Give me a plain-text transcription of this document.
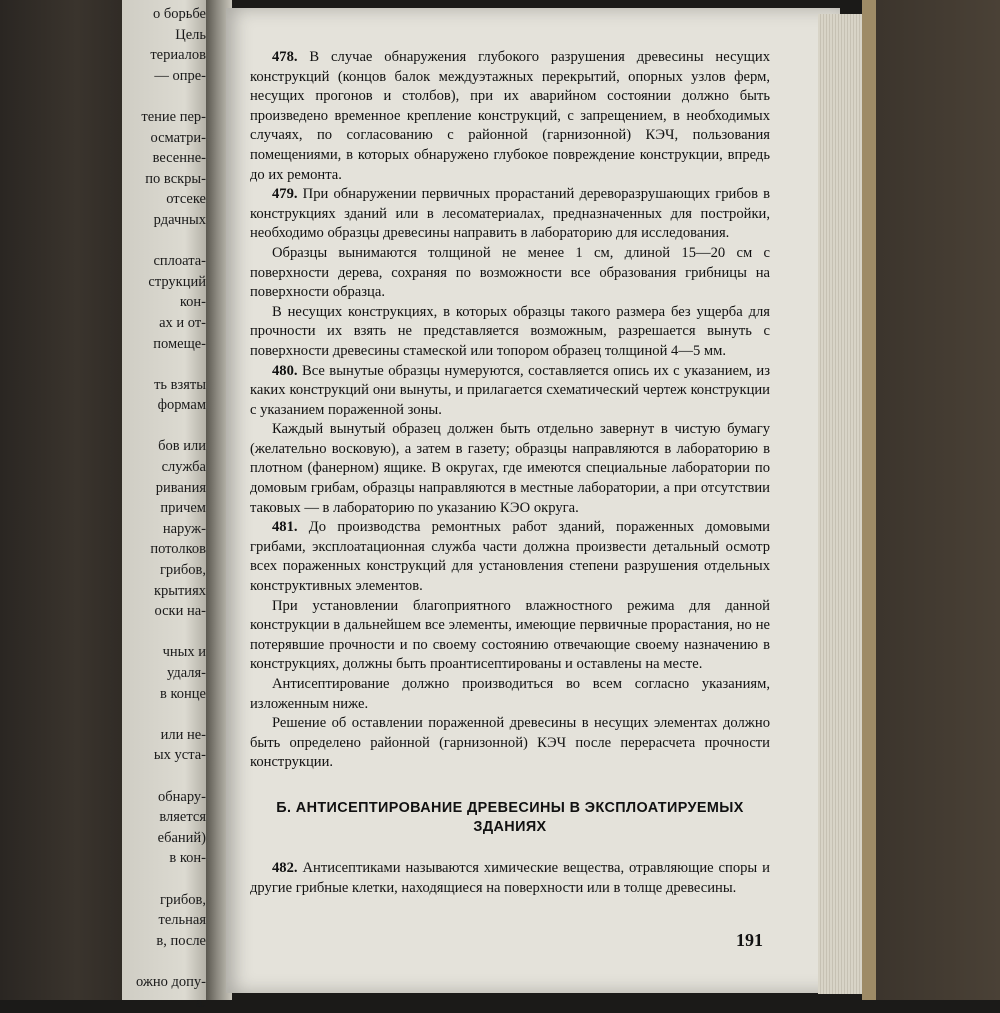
о борьбе
Цель
териалов
— опре-

тение пер-
осматри-
весенне-
по вскры-
отсеке
рдачных

сплоата-
струкций
кон-
ах и от-
помеще-

ть взяты
формам

бов или
служба
ривания
причем
наруж-
потолков
грибов,
крытиях
оски на-

чных и
удаля-
в конце

или не-
ых уста-

обнару-
вляется
ебаний)
в кон-

грибов,
тельная
в, после

ожно допу-
а.

478. В случае обнаружения глубокого разрушения древесины несущих конструкций (концов балок междуэтажных перекрытий, опорных узлов ферм, несущих прогонов и столбов), при их аварийном состоянии должно быть произведено временное крепление конструкций, с запрещением, в необходимых случаях, по согласованию с районной (гарнизонной) КЭЧ, пользования помещениями, в которых обнаружено глубокое повреждение конструкции, впредь до их ремонта.

479. При обнаружении первичных прорастаний дереворазрушающих грибов в конструкциях зданий или в лесоматериалах, предназначенных для постройки, необходимо образцы древесины направить в лабораторию для исследования.

Образцы вынимаются толщиной не менее 1 см, длиной 15—20 см с поверхности дерева, сохраняя по возможности все образования грибницы на поверхности образца.

В несущих конструкциях, в которых образцы такого размера без ущерба для прочности их взять не представляется возможным, разрешается вынуть с поверхности древесины стамеской или топором образец толщиной 4—5 мм.

480. Все вынутые образцы нумеруются, составляется опись их с указанием, из каких конструкций они вынуты, и прилагается схематический чертеж конструкции с указанием пораженной зоны.

Каждый вынутый образец должен быть отдельно завернут в чистую бумагу (желательно восковую), а затем в газету; образцы направляются в лабораторию в плотном (фанерном) ящике. В округах, где имеются специальные лаборатории по домовым грибам, образцы направляются в местные лаборатории, а при отсутствии таковых — в лабораторию по указанию КЭО округа.

481. До производства ремонтных работ зданий, пораженных домовыми грибами, эксплоатационная служба части должна произвести детальный осмотр всех пораженных конструкций для установления степени разрушения отдельных конструктивных элементов.

При установлении благоприятного влажностного режима для данной конструкции в дальнейшем все элементы, имеющие первичные прорастания, но не потерявшие прочности и по своему состоянию отвечающие своему назначению в конструкциях, должны быть проантисептированы и оставлены на месте.

Антисептирование должно производиться во всем согласно указаниям, изложенным ниже.

Решение об оставлении пораженной древесины в несущих элементах должно быть определено районной (гарнизонной) КЭЧ после перерасчета прочности конструкции.

Б. АНТИСЕПТИРОВАНИЕ ДРЕВЕСИНЫ В ЭКСПЛОАТИРУЕМЫХ ЗДАНИЯХ

482. Антисептиками называются химические вещества, отравляющие споры и другие грибные клетки, находящиеся на поверхности или в толще древесины.

191
